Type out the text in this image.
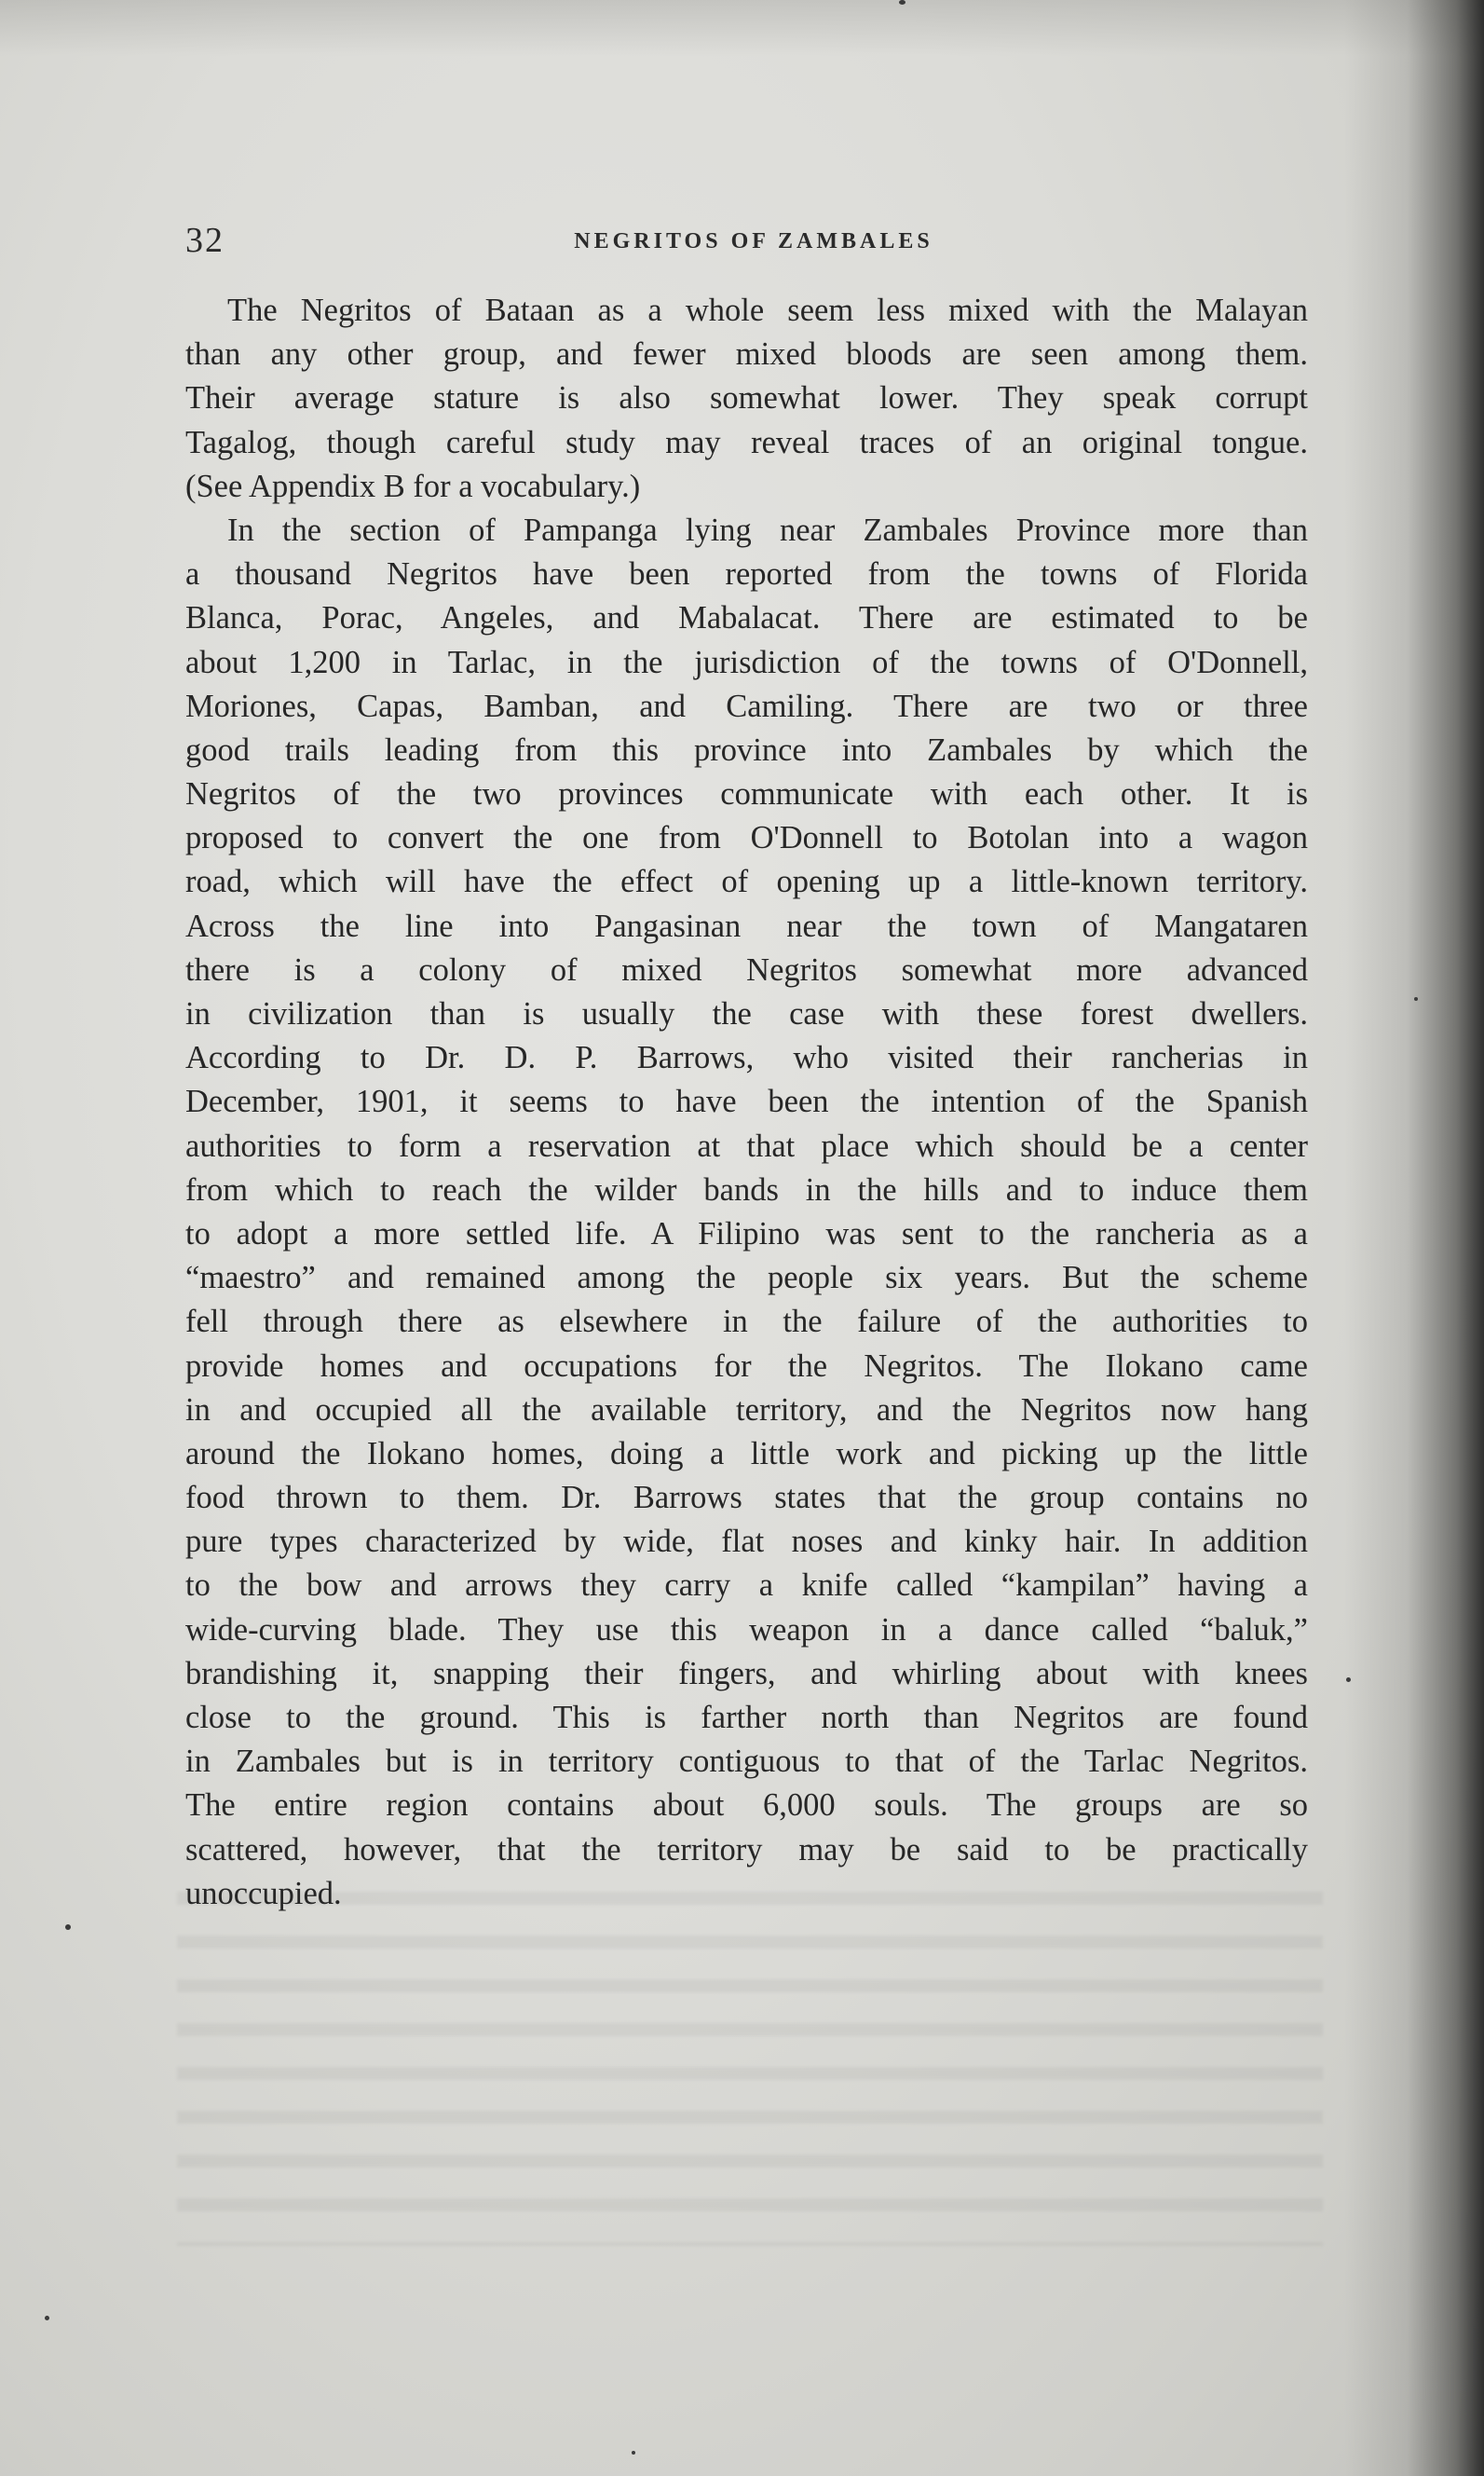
32	NEGRITOS OF ZAMBALES
The Negritos of Bataan as a whole seem less mixed with the Malayan
than any other group, and fewer mixed bloods are seen among them.
Their average stature is also somewhat lower. They speak corrupt
Tagalog, though careful study may reveal traces of an original tongue.
(See Appendix B for a vocabulary.)
In the section of Pampanga lying near Zambales Province more than
a thousand Negritos have been reported from the towns of Florida
Blanca, Porac, Angeles, and Mabalacat. There are estimated to be
about 1,200 in Tarlac, in the jurisdiction of the towns of O'Donnell,
Moriones, Capas, Bamban, and Camiling. There are two or three
good trails leading from this province into Zambales by which the
Negritos of the two provinces communicate with each other. It is
proposed to convert the one from O'Donnell to Botolan into a wagon
road, which will have the effect of opening up a little-known territory.
Across the line into Pangasinan near the town of Mangataren
there is a colony of mixed Negritos somewhat more advanced
in civilization than is usually the case with these forest dwellers.
According to Dr. D. P. Barrows, who visited their rancherias in
December, 1901, it seems to have been the intention of the Spanish
authorities to form a reservation at that place which should be a center
from which to reach the wilder bands in the hills and to induce them
to adopt a more settled life. A Filipino was sent to the rancheria as a
“maestro” and remained among the people six years. But the scheme
fell through there as elsewhere in the failure of the authorities to
provide homes and occupations for the Negritos. The Ilokano came
in and occupied all the available territory, and the Negritos now hang
around the Ilokano homes, doing a little work and picking up the little
food thrown to them. Dr. Barrows states that the group contains no
pure types characterized by wide, flat noses and kinky hair. In addition
to the bow and arrows they carry a knife called “kampilan” having a
wide-curving blade. They use this weapon in a dance called “baluk,”
brandishing it, snapping their fingers, and whirling about with knees
close to the ground. This is farther north than Negritos are found
in Zambales but is in territory contiguous to that of the Tarlac Negritos.
The entire region contains about 6,000 souls. The groups are so
scattered, however, that the territory may be said to be practically
unoccupied.
